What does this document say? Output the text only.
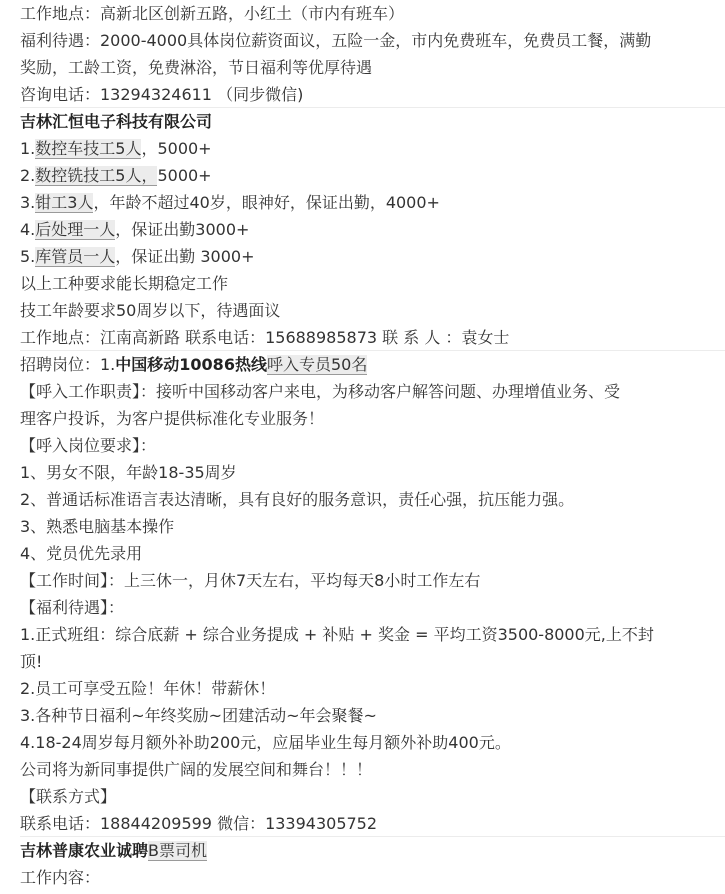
工作地点：高新北区创新五路，小红土（市内有班车）
福利待遇：2000-4000具体岗位薪资面议，五险一金，市内免费班车，免费员工餐，满勤
奖励，工龄工资，免费淋浴，节日福利等优厚待遇
咨询电话：13294324611 （同步微信)
吉林汇恒电子科技有限公司
1.数控车技工5人，5000+
2.数控铣技工5人，5000+
3.钳工3人，年龄不超过40岁，眼神好，保证出勤，4000+
4.后处理一人，保证出勤3000+
5.库管员一人，保证出勤 3000+
以上工种要求能长期稳定工作
技工年龄要求50周岁以下，待遇面议
工作地点：江南高新路 联系电话：15688985873 联 系 人 ：袁女士
招聘岗位：1.中国移动10086热线呼入专员50名
【呼入工作职责】：接听中国移动客户来电，为移动客户解答问题、办理增值业务、受
理客户投诉，为客户提供标准化专业服务！
【呼入岗位要求】：
1、男女不限，年龄18-35周岁
2、普通话标准语言表达清晰，具有良好的服务意识，责任心强，抗压能力强。
3、熟悉电脑基本操作
4、党员优先录用
【工作时间】：上三休一，月休7天左右，平均每天8小时工作左右
【福利待遇】：
1.正式班组：综合底薪 + 综合业务提成 + 补贴 + 奖金 = 平均工资3500-8000元,上不封
顶!
2.员工可享受五险！年休！带薪休！
3.各种节日福利~年终奖励~团建活动~年会聚餐~
4.18-24周岁每月额外补助200元，应届毕业生每月额外补助400元。
公司将为新同事提供广阔的发展空间和舞台！！！
【联系方式】
联系电话：18844209599 微信：13394305752
吉林普康农业诚聘B票司机
工作内容：
